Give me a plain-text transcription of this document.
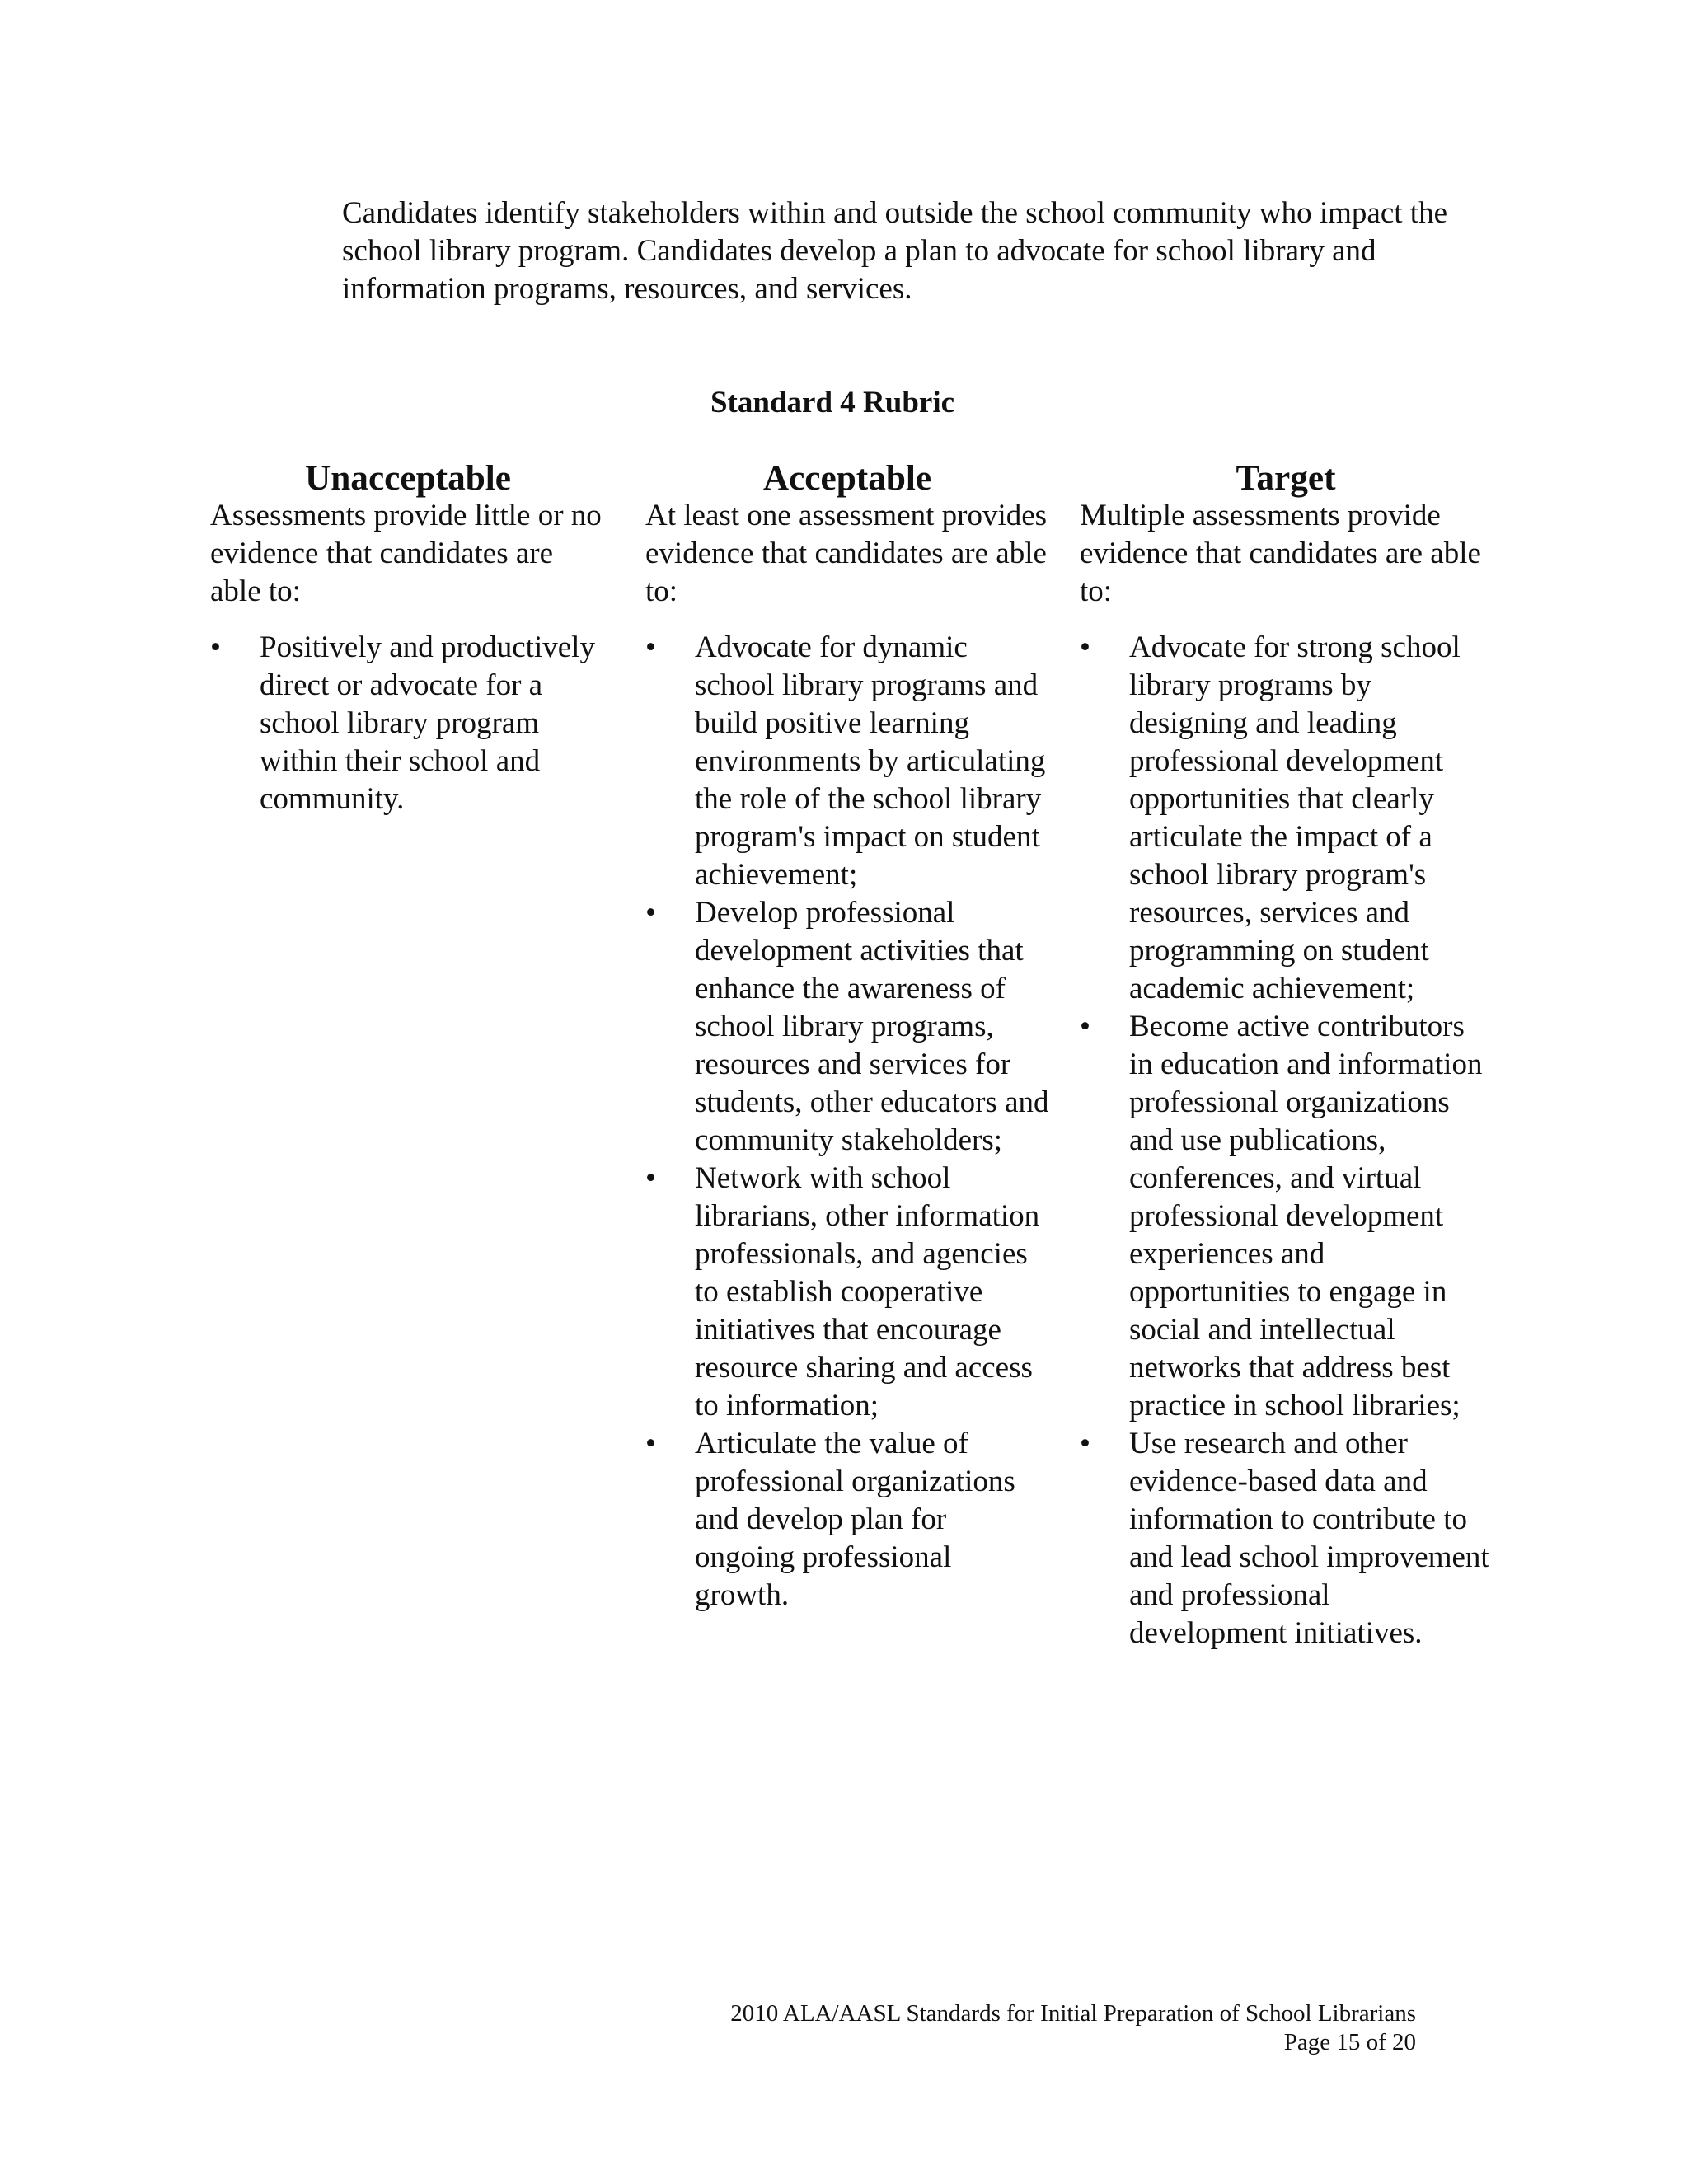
Candidates identify stakeholders within and outside the school community who impact the school library program. Candidates develop a plan to advocate for school library and information programs, resources, and services.

Standard 4 Rubric
Unacceptable

Assessments provide little or no evidence that candidates are able to:

• Positively and productively direct or advocate for a school library program within their school and community.
Acceptable

At least one assessment provides evidence that candidates are able to:

• Advocate for dynamic school library programs and build positive learning environments by articulating the role of the school library program's impact on student achievement;
• Develop professional development activities that enhance the awareness of school library programs, resources and services for students, other educators and community stakeholders;
• Network with school librarians, other information professionals, and agencies to establish cooperative initiatives that encourage resource sharing and access to information;
• Articulate the value of professional organizations and develop plan for ongoing professional growth.
Target

Multiple assessments provide evidence that candidates are able to:

• Advocate for strong school library programs by designing and leading professional development opportunities that clearly articulate the impact of a school library program's resources, services and programming on student academic achievement;
• Become active contributors in education and information professional organizations and use publications, conferences, and virtual professional development experiences and opportunities to engage in social and intellectual networks that address best practice in school libraries;
• Use research and other evidence-based data and information to contribute to and lead school improvement and professional development initiatives.
2010 ALA/AASL Standards for Initial Preparation of School Librarians
Page 15 of 20
